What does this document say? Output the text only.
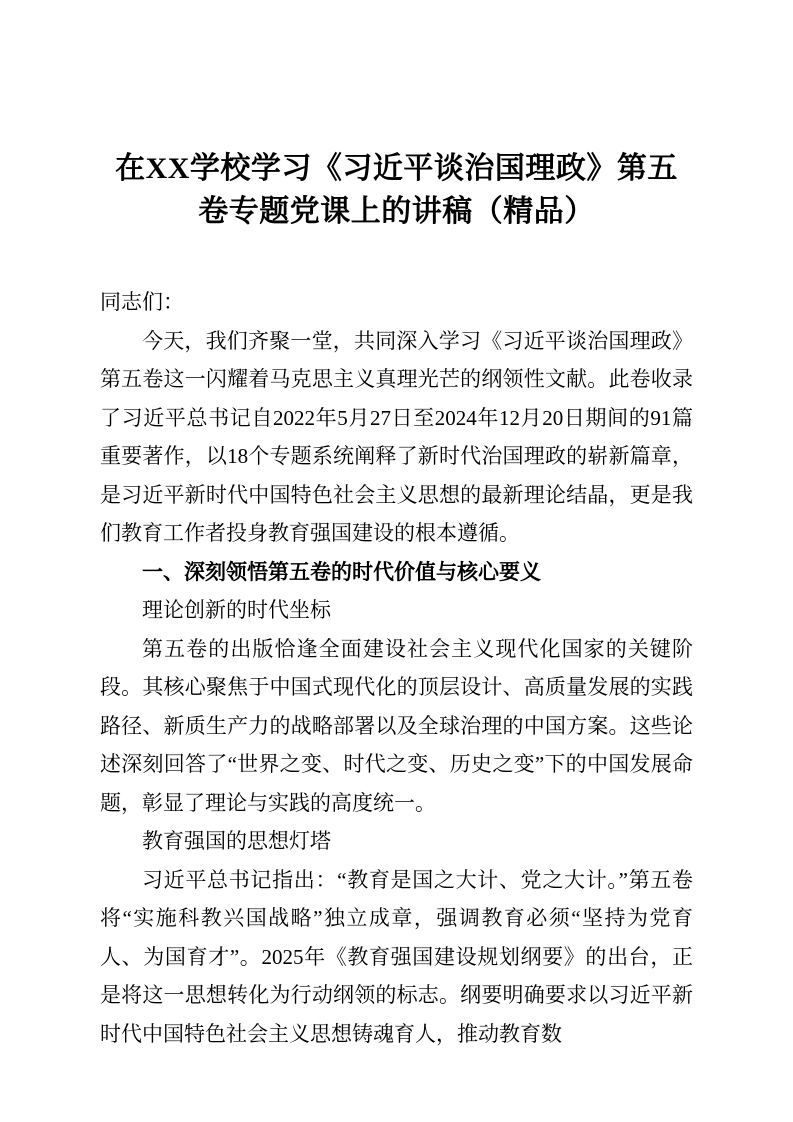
在XX学校学习《习近平谈治国理政》第五
卷专题党课上的讲稿（精品）

同志们：

今天，我们齐聚一堂，共同深入学习《习近平谈治国理政》第五卷这一闪耀着马克思主义真理光芒的纲领性文献。此卷收录了习近平总书记自2022年5月27日至2024年12月20日期间的91篇重要著作，以18个专题系统阐释了新时代治国理政的崭新篇章，是习近平新时代中国特色社会主义思想的最新理论结晶，更是我们教育工作者投身教育强国建设的根本遵循。

一、深刻领悟第五卷的时代价值与核心要义

理论创新的时代坐标

第五卷的出版恰逢全面建设社会主义现代化国家的关键阶段。其核心聚焦于中国式现代化的顶层设计、高质量发展的实践路径、新质生产力的战略部署以及全球治理的中国方案。这些论述深刻回答了“世界之变、时代之变、历史之变”下的中国发展命题，彰显了理论与实践的高度统一。

教育强国的思想灯塔

习近平总书记指出：“教育是国之大计、党之大计。”第五卷将“实施科教兴国战略”独立成章，强调教育必须“坚持为党育人、为国育才”。2025年《教育强国建设规划纲要》的出台，正是将这一思想转化为行动纲领的标志。纲要明确要求以习近平新时代中国特色社会主义思想铸魂育人，推动教育数
